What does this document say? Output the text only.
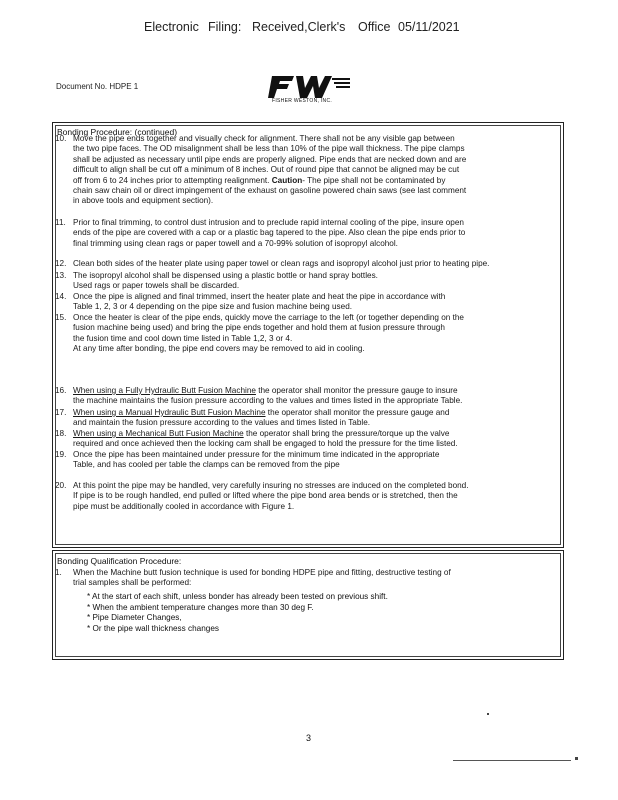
Electronic Filing: Received,Clerk's Office 05/11/2021
Document No. HDPE 1
FISHER WESTON, INC.
Bonding Procedure: (continued)
10. Move the pipe ends together and visually check for alignment. There shall not be any visible gap between
the two pipe faces. The OD misalignment shall be less than 10% of the pipe wall thickness. The pipe clamps
shall be adjusted as necessary until pipe ends are properly aligned. Pipe ends that are necked down and are
difficult to align shall be cut off a minimum of 8 inches. Out of round pipe that cannot be aligned may be cut
off from 6 to 24 inches prior to attempting realignment. Caution- The pipe shall not be contaminated by
chain saw chain oil or direct impingement of the exhaust on gasoline powered chain saws (see last comment
in above tools and equipment section).
11. Prior to final trimming, to control dust intrusion and to preclude rapid internal cooling of the pipe, insure open
ends of the pipe are covered with a cap or a plastic bag tapered to the pipe. Also clean the pipe ends prior to
final trimming using clean rags or paper towell and a 70-99% solution of isopropyl alcohol.
12. Clean both sides of the heater plate using paper towel or clean rags and isopropyl alcohol just prior to heating pipe.
13. The isopropyl alcohol shall be dispensed using a plastic bottle or hand spray bottles.
Used rags or paper towels shall be discarded.
14. Once the pipe is aligned and final trimmed, insert the heater plate and heat the pipe in accordance with
Table 1, 2, 3 or 4 depending on the pipe size and fusion machine being used.
15. Once the heater is clear of the pipe ends, quickly move the carriage to the left (or together depending on the
fusion machine being used) and bring the pipe ends together and hold them at fusion pressure through
the fusion time and cool down time listed in Table 1,2, 3 or 4.
At any time after bonding, the pipe end covers may be removed to aid in cooling.
16. When using a Fully Hydraulic Butt Fusion Machine the operator shall monitor the pressure gauge to insure
the machine maintains the fusion pressure according to the values and times listed in the appropriate Table.
17. When using a Manual Hydraulic Butt Fusion Machine the operator shall monitor the pressure gauge and
and maintain the fusion pressure according to the values and times listed in Table.
18. When using a Mechanical Butt Fusion Machine the operator shall bring the pressure/torque up the valve
required and once achieved then the locking cam shall be engaged to hold the pressure for the time listed.
19. Once the pipe has been maintained under pressure for the minimum time indicated in the appropriate
Table, and has cooled per table the clamps can be removed from the pipe
20. At this point the pipe may be handled, very carefully insuring no stresses are induced on the completed bond.
If pipe is to be rough handled, end pulled or lifted where the pipe bond area bends or is stretched, then the
pipe must be additionally cooled in accordance with Figure 1.
Bonding Qualification Procedure:
1. When the Machine butt fusion technique is used for bonding HDPE pipe and fitting, destructive testing of
trial samples shall be performed:
* At the start of each shift, unless bonder has already been tested on previous shift.
* When the ambient temperature changes more than 30 deg F.
* Pipe Diameter Changes,
* Or the pipe wall thickness changes
3
